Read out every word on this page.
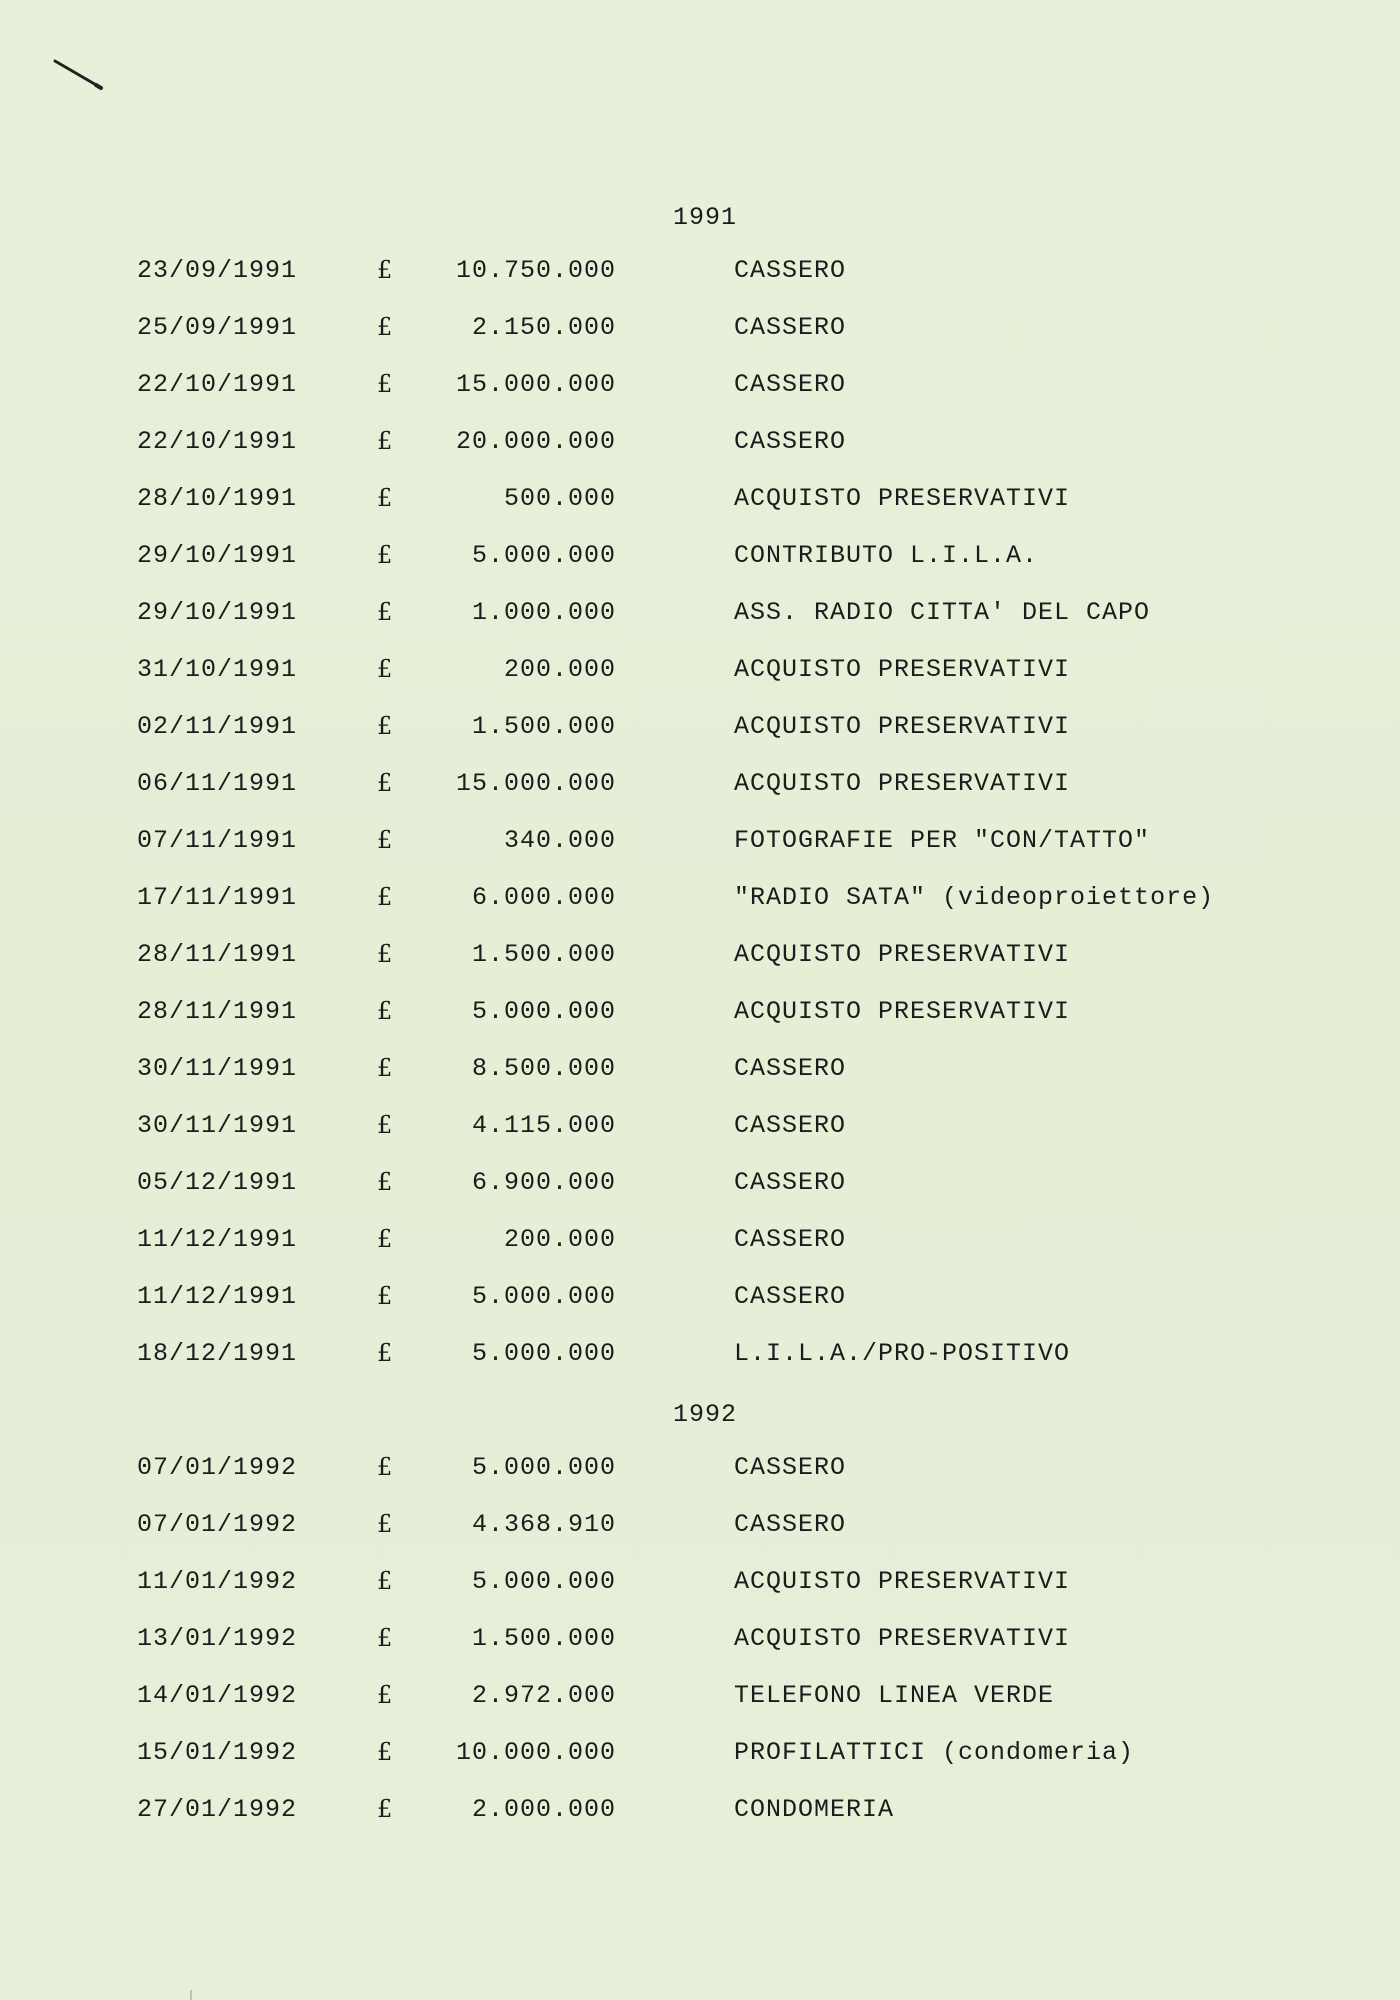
1991
23/09/1991	£	10.750.000	CASSERO
25/09/1991	£	2.150.000	CASSERO
22/10/1991	£	15.000.000	CASSERO
22/10/1991	£	20.000.000	CASSERO
28/10/1991	£	500.000	ACQUISTO PRESERVATIVI
29/10/1991	£	5.000.000	CONTRIBUTO L.I.L.A.
29/10/1991	£	1.000.000	ASS. RADIO CITTA' DEL CAPO
31/10/1991	£	200.000	ACQUISTO PRESERVATIVI
02/11/1991	£	1.500.000	ACQUISTO PRESERVATIVI
06/11/1991	£	15.000.000	ACQUISTO PRESERVATIVI
07/11/1991	£	340.000	FOTOGRAFIE PER "CON/TATTO"
17/11/1991	£	6.000.000	"RADIO SATA" (videoproiettore)
28/11/1991	£	1.500.000	ACQUISTO PRESERVATIVI
28/11/1991	£	5.000.000	ACQUISTO PRESERVATIVI
30/11/1991	£	8.500.000	CASSERO
30/11/1991	£	4.115.000	CASSERO
05/12/1991	£	6.900.000	CASSERO
11/12/1991	£	200.000	CASSERO
11/12/1991	£	5.000.000	CASSERO
18/12/1991	£	5.000.000	L.I.L.A./PRO-POSITIVO
1992
07/01/1992	£	5.000.000	CASSERO
07/01/1992	£	4.368.910	CASSERO
11/01/1992	£	5.000.000	ACQUISTO PRESERVATIVI
13/01/1992	£	1.500.000	ACQUISTO PRESERVATIVI
14/01/1992	£	2.972.000	TELEFONO LINEA VERDE
15/01/1992	£	10.000.000	PROFILATTICI (condomeria)
27/01/1992	£	2.000.000	CONDOMERIA
